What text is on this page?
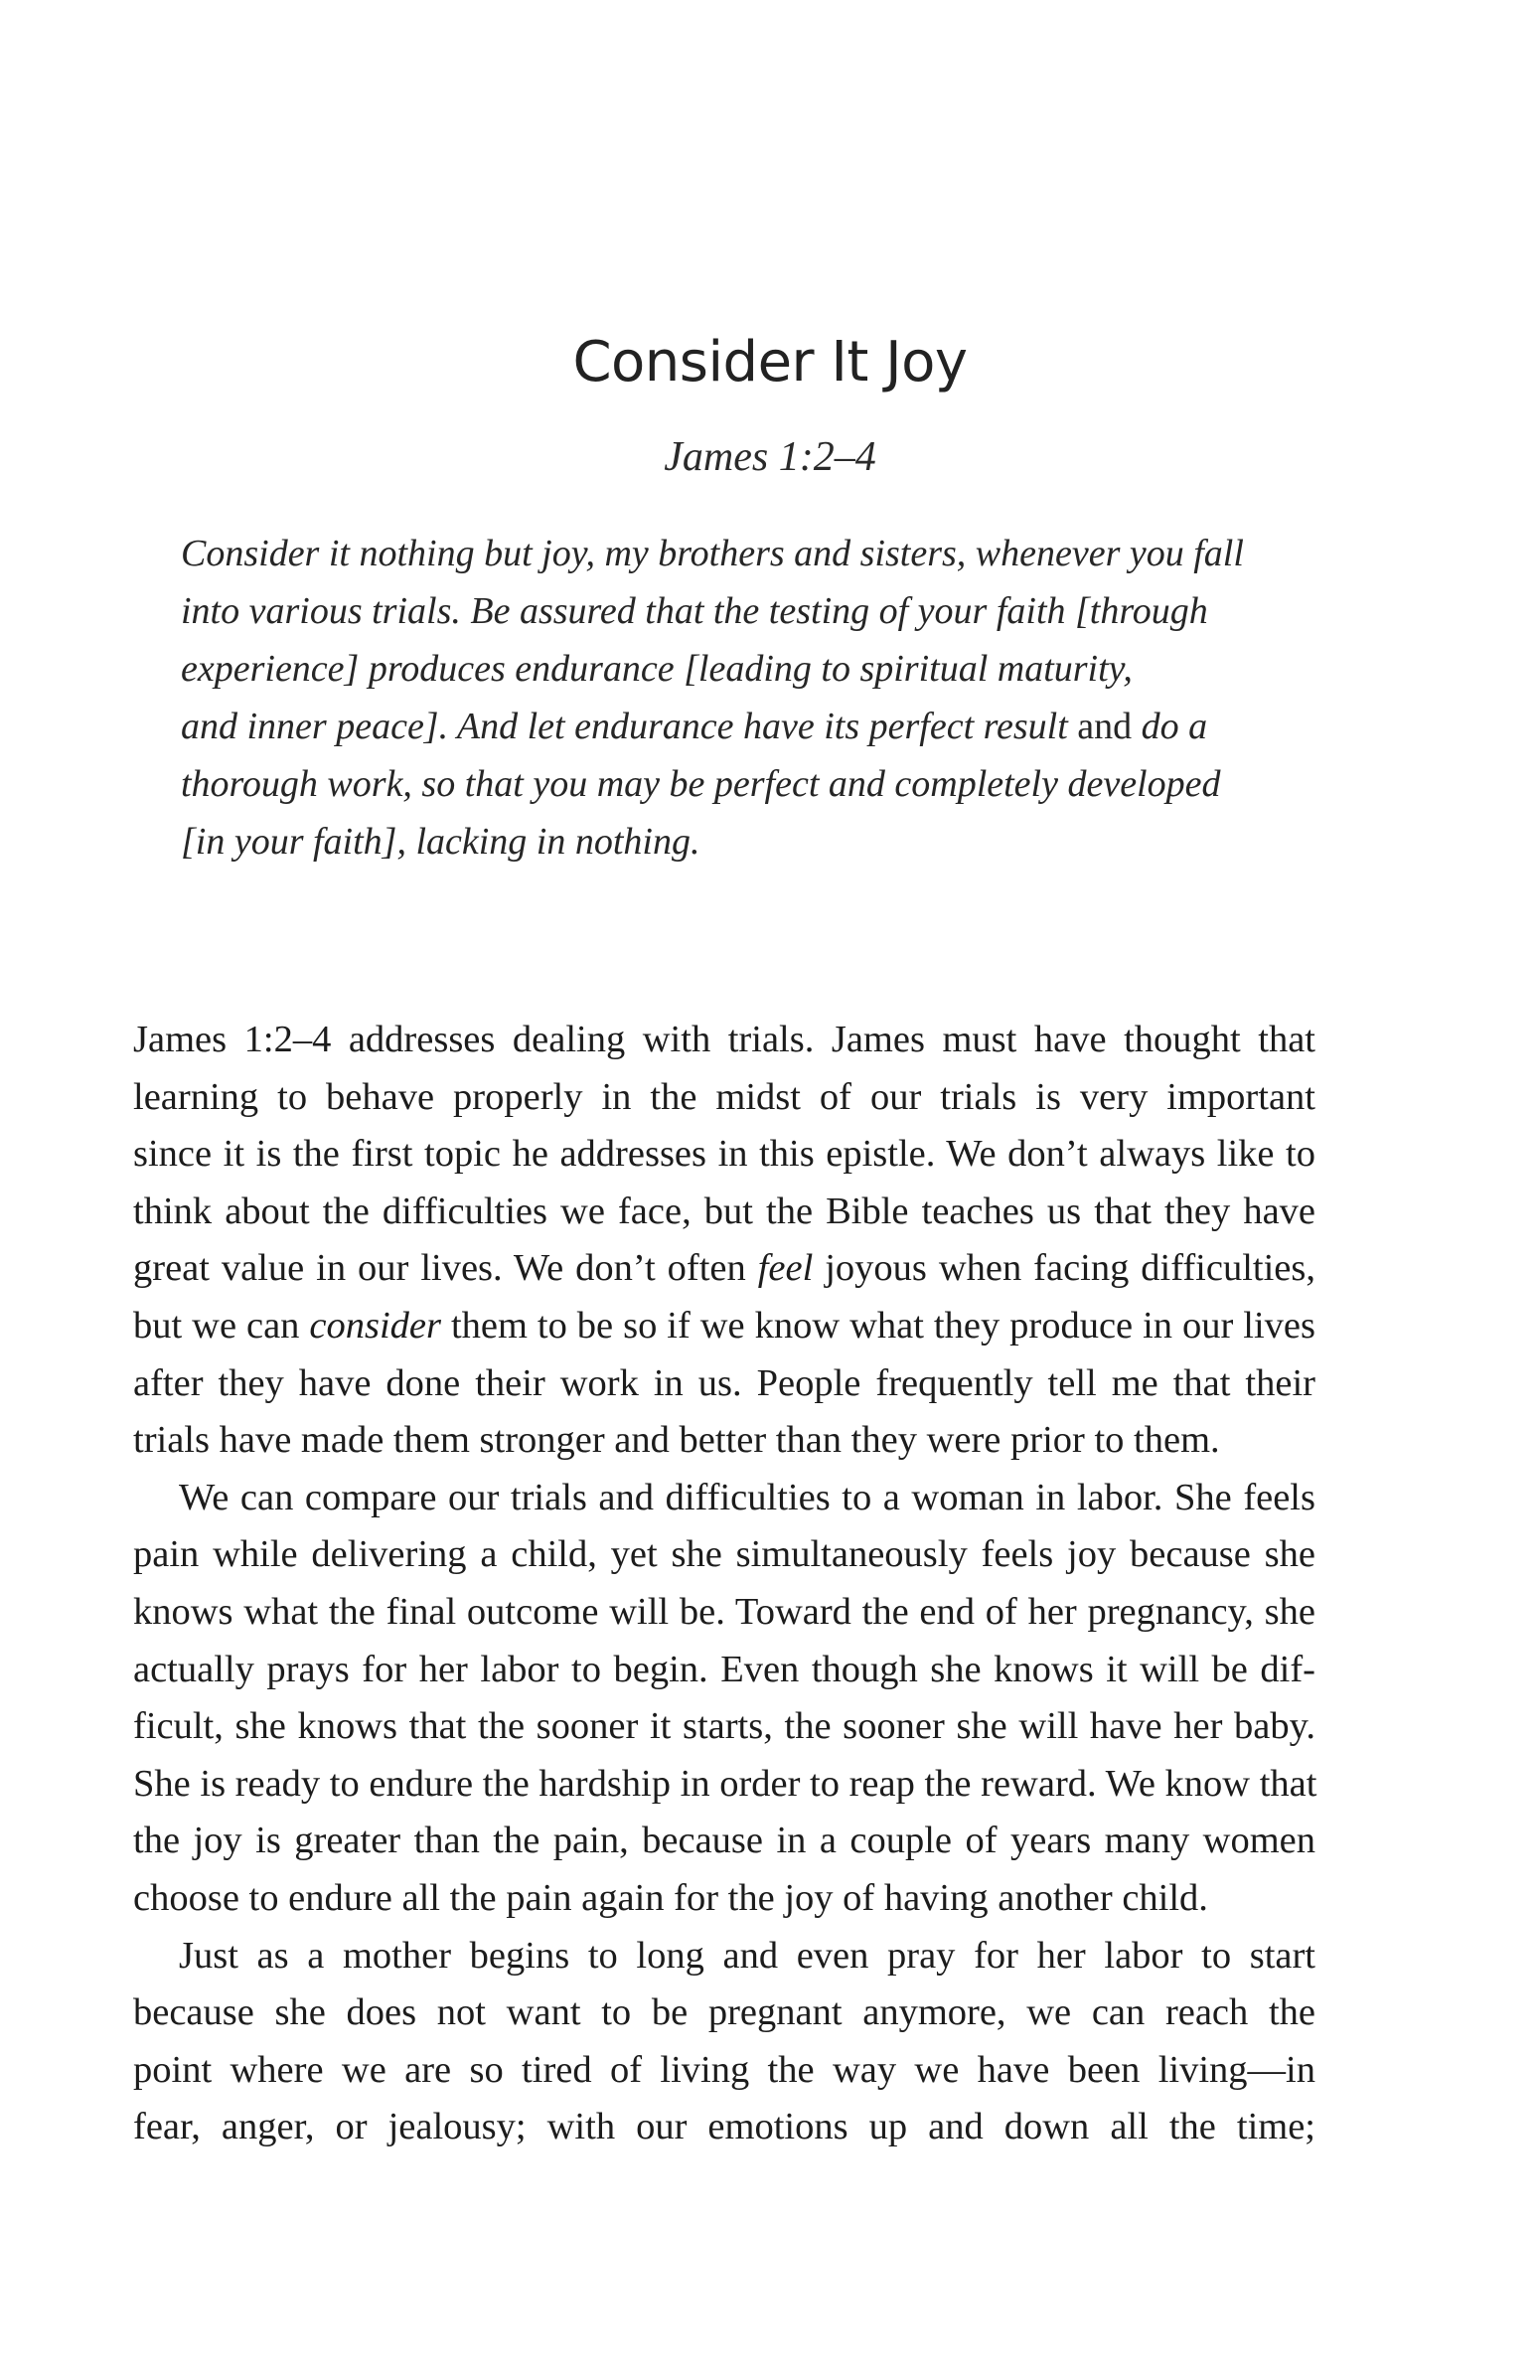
Consider It Joy
James 1:2–4
Consider it nothing but joy, my brothers and sisters, whenever you fall
into various trials. Be assured that the testing of your faith [through
experience] produces endurance [leading to spiritual maturity,
and inner peace]. And let endurance have its perfect result and do a
thorough work, so that you may be perfect and completely developed
[in your faith], lacking in nothing.

James 1:2–4 addresses dealing with trials. James must have thought that
learning to behave properly in the midst of our trials is very important
since it is the first topic he addresses in this epistle. We don’t always like to
think about the difficulties we face, but the Bible teaches us that they have
great value in our lives. We don’t often feel joyous when facing difficulties,
but we can consider them to be so if we know what they produce in our lives
after they have done their work in us. People frequently tell me that their
trials have made them stronger and better than they were prior to them.

We can compare our trials and difficulties to a woman in labor. She feels
pain while delivering a child, yet she simultaneously feels joy because she
knows what the final outcome will be. Toward the end of her pregnancy, she
actually prays for her labor to begin. Even though she knows it will be dif-
ficult, she knows that the sooner it starts, the sooner she will have her baby.
She is ready to endure the hardship in order to reap the reward. We know that
the joy is greater than the pain, because in a couple of years many women
choose to endure all the pain again for the joy of having another child.

Just as a mother begins to long and even pray for her labor to start
because she does not want to be pregnant anymore, we can reach the
point where we are so tired of living the way we have been living—in
fear, anger, or jealousy; with our emotions up and down all the time;
